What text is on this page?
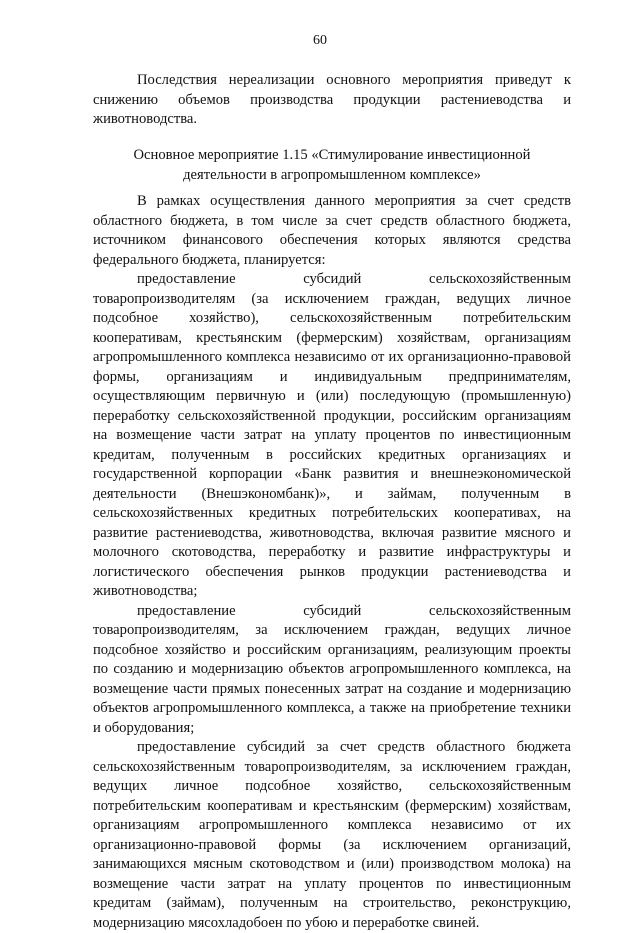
60

Последствия нереализации основного мероприятия приведут к снижению объемов производства продукции растениеводства и животноводства.

Основное мероприятие 1.15 «Стимулирование инвестиционной деятельности в агропромышленном комплексе»

В рамках осуществления данного мероприятия за счет средств областного бюджета, в том числе за счет средств областного бюджета, источником финансового обеспечения которых являются средства федерального бюджета, планируется:

предоставление субсидий сельскохозяйственным товаропроизводителям (за исключением граждан, ведущих личное подсобное хозяйство), сельскохозяйственным потребительским кооперативам, крестьянским (фермерским) хозяйствам, организациям агропромышленного комплекса независимо от их организационно-правовой формы, организациям и индивидуальным предпринимателям, осуществляющим первичную и (или) последующую (промышленную) переработку сельскохозяйственной продукции, российским организациям на возмещение части затрат на уплату процентов по инвестиционным кредитам, полученным в российских кредитных организациях и государственной корпорации «Банк развития и внешнеэкономической деятельности (Внешэкономбанк)», и займам, полученным в сельскохозяйственных кредитных потребительских кооперативах, на развитие растениеводства, животноводства, включая развитие мясного и молочного скотоводства, переработку и развитие инфраструктуры и логистического обеспечения рынков продукции растениеводства и животноводства;

предоставление субсидий сельскохозяйственным товаропроизводителям, за исключением граждан, ведущих личное подсобное хозяйство и российским организациям, реализующим проекты по созданию и модернизацию объектов агропромышленного комплекса, на возмещение части прямых понесенных затрат на создание и модернизацию объектов агропромышленного комплекса, а также на приобретение техники и оборудования;

предоставление субсидий за счет средств областного бюджета сельскохозяйственным товаропроизводителям, за исключением граждан, ведущих личное подсобное хозяйство, сельскохозяйственным потребительским кооперативам и крестьянским (фермерским) хозяйствам, организациям агропромышленного комплекса независимо от их организационно-правовой формы (за исключением организаций, занимающихся мясным скотоводством и (или) производством молока) на возмещение части затрат на уплату процентов по инвестиционным кредитам (займам), полученным на строительство, реконструкцию, модернизацию мясохладобоен по убою и переработке свиней.
